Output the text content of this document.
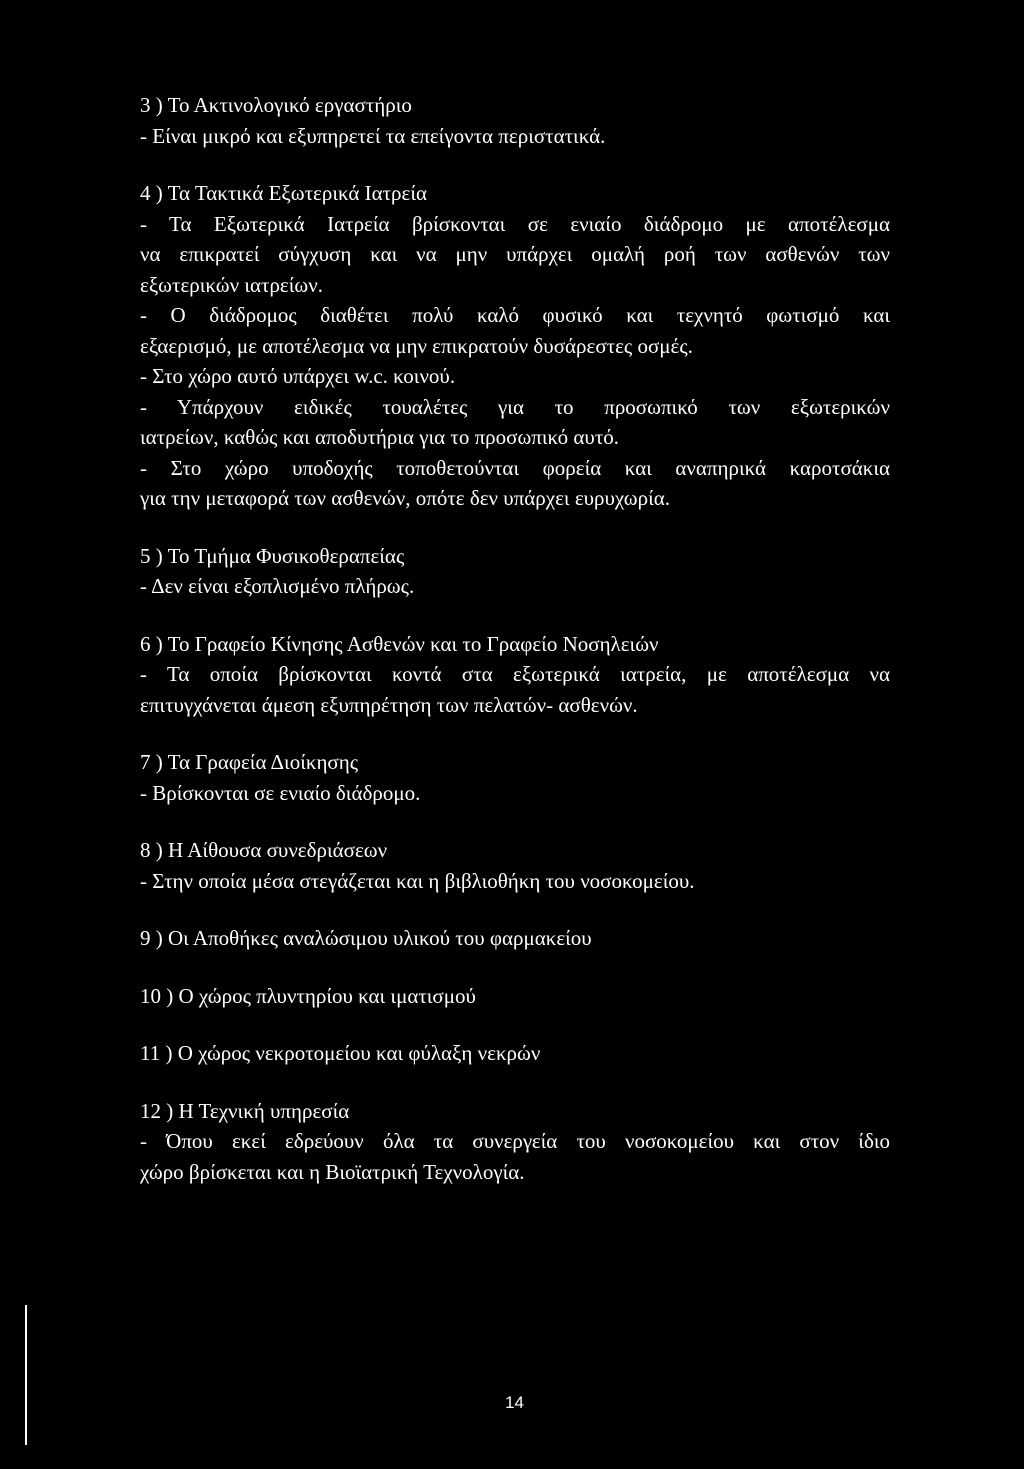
3 ) Το Ακτινολογικό εργαστήριο
- Είναι μικρό και εξυπηρετεί τα επείγοντα περιστατικά.
4 ) Τα Τακτικά Εξωτερικά Ιατρεία
- Τα Εξωτερικά Ιατρεία βρίσκονται σε ενιαίο διάδρομο με αποτέλεσμα
να επικρατεί σύγχυση και να μην υπάρχει ομαλή ροή των ασθενών των
εξωτερικών ιατρείων.
- Ο διάδρομος διαθέτει πολύ καλό φυσικό και τεχνητό φωτισμό και
εξαερισμό, με αποτέλεσμα να μην επικρατούν δυσάρεστες οσμές.
- Στο χώρο αυτό υπάρχει w.c. κοινού.
- Υπάρχουν ειδικές τουαλέτες για το προσωπικό των εξωτερικών
ιατρείων, καθώς και αποδυτήρια για το προσωπικό αυτό.
- Στο χώρο υποδοχής τοποθετούνται φορεία και αναπηρικά καροτσάκια
για την μεταφορά των ασθενών, οπότε δεν υπάρχει ευρυχωρία.
5 ) Το Τμήμα Φυσικοθεραπείας
- Δεν είναι εξοπλισμένο πλήρως.
6 ) Το Γραφείο Κίνησης Ασθενών και το Γραφείο Νοσηλειών
- Τα οποία βρίσκονται κοντά στα εξωτερικά ιατρεία, με αποτέλεσμα να
επιτυγχάνεται άμεση εξυπηρέτηση των πελατών- ασθενών.
7 ) Τα Γραφεία Διοίκησης
- Βρίσκονται σε ενιαίο διάδρομο.
8 ) Η Αίθουσα συνεδριάσεων
- Στην οποία μέσα στεγάζεται και η βιβλιοθήκη του νοσοκομείου.
9 ) Οι Αποθήκες αναλώσιμου υλικού του φαρμακείου
10 ) Ο χώρος πλυντηρίου και ιματισμού
11 ) Ο χώρος νεκροτομείου και φύλαξη νεκρών
12 ) Η Τεχνική υπηρεσία
- Όπου εκεί εδρεύουν όλα τα συνεργεία του νοσοκομείου και στον ίδιο
χώρο βρίσκεται και η Βιοϊατρική Τεχνολογία.
14
